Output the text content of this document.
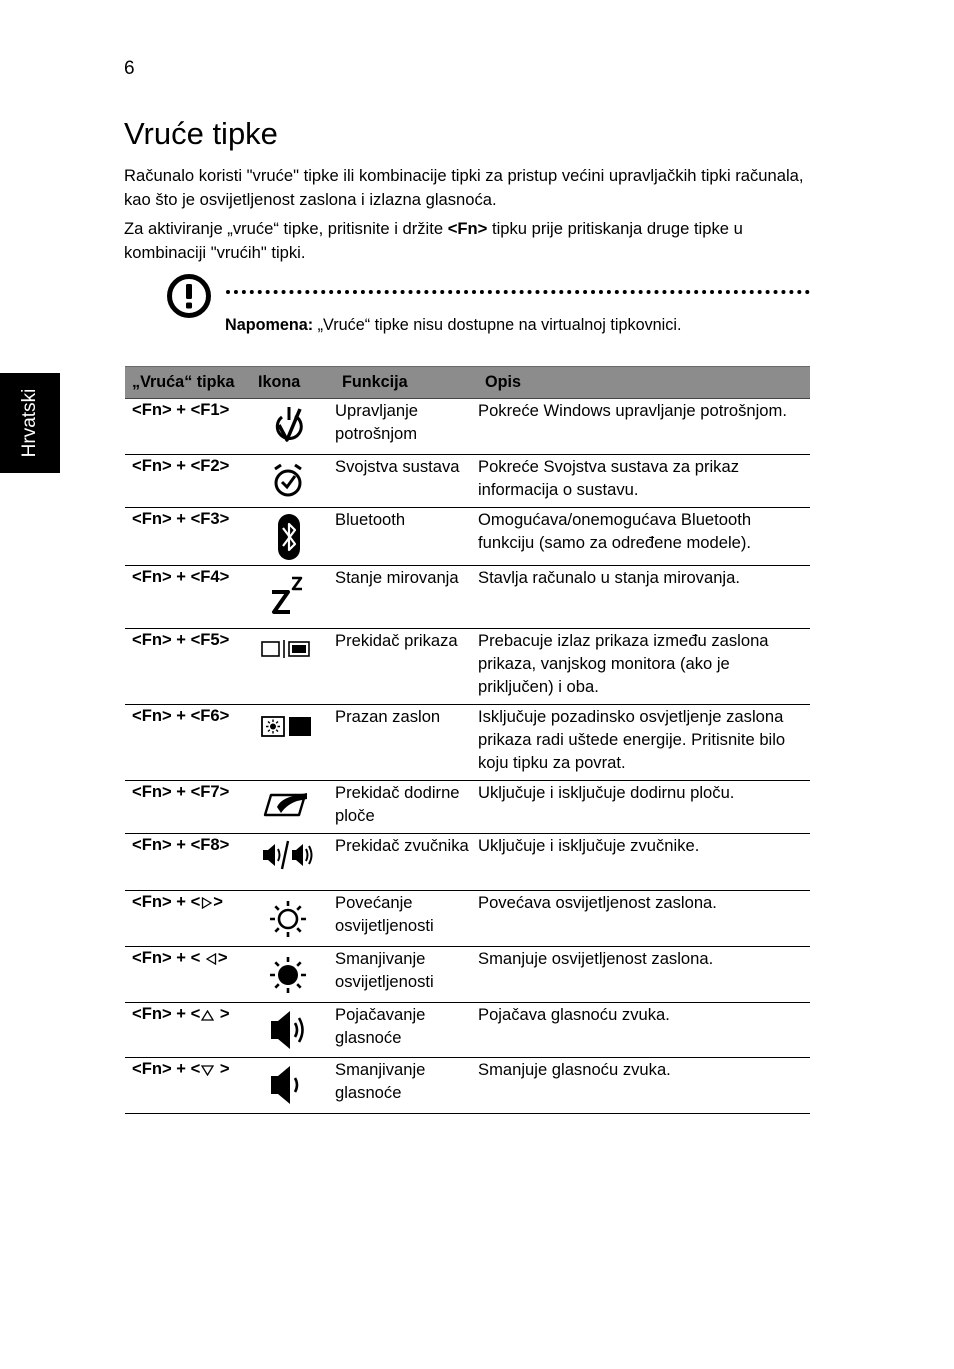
6
Vruće tipke

Računalo koristi "vruće" tipke ili kombinacije tipki za pristup većini upravljačkih tipki računala, kao što je osvijetljenost zaslona i izlazna glasnoća.

Za aktiviranje „vruće“ tipke, pritisnite i držite <Fn> tipku prije pritiskanja druge tipke u kombinaciji "vrućih" tipki.

Hrvatski
Napomena: „Vruće“ tipke nisu dostupne na virtualnoj tipkovnici.
„Vruća“ tipka	Ikona	Funkcija	Opis
<Fn> + <F1>		Upravljanje potrošnjom	Pokreće Windows upravljanje potrošnjom.
<Fn> + <F2>		Svojstva sustava	Pokreće Svojstva sustava za prikaz informacija o sustavu.
<Fn> + <F3>		Bluetooth	Omogućava/onemogućava Bluetooth funkciju (samo za određene modele).
<Fn> + <F4>		Stanje mirovanja	Stavlja računalo u stanja mirovanja.
<Fn> + <F5>		Prekidač prikaza	Prebacuje izlaz prikaza između zaslona prikaza, vanjskog monitora (ako je priključen) i oba.
<Fn> + <F6>		Prazan zaslon	Isključuje pozadinsko osvjetljenje zaslona prikaza radi uštede energije. Pritisnite bilo koju tipku za povrat.
<Fn> + <F7>		Prekidač dodirne ploče	Uključuje i isključuje dodirnu ploču.
<Fn> + <F8>		Prekidač zvučnika	Uključuje i isključuje zvučnike.
<Fn> + < >		Povećanje osvijetljenosti	Povećava osvijetljenost zaslona.
<Fn> + < >		Smanjivanje osvijetljenosti	Smanjuje osvijetljenost zaslona.
<Fn> + < >		Pojačavanje glasnoće	Pojačava glasnoću zvuka.
<Fn> + < >		Smanjivanje glasnoće	Smanjuje glasnoću zvuka.
